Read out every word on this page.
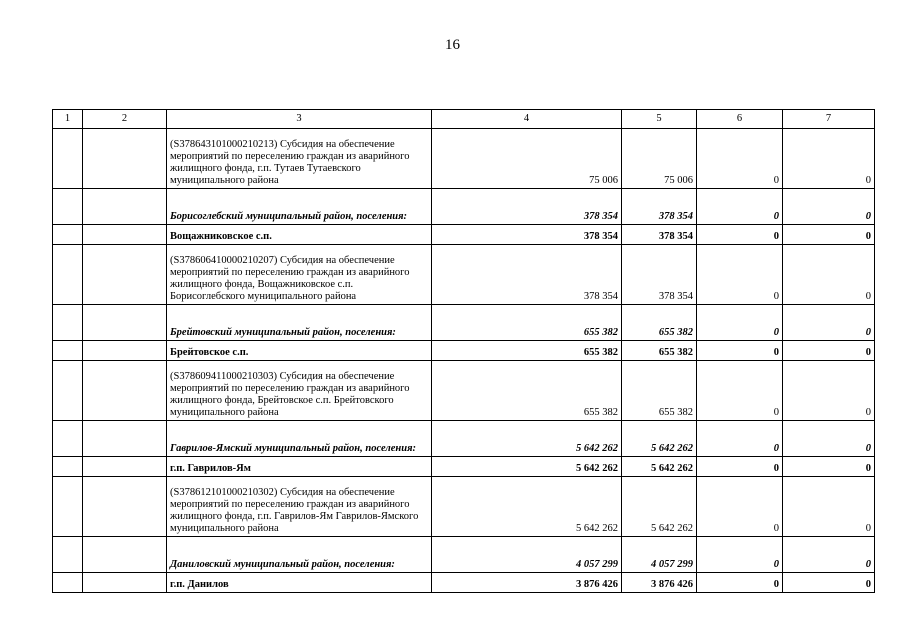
16
1	2	3	4	5	6	7
		(S378643101000210213) Субсидия на обеспечение мероприятий по переселению граждан из аварийного жилищного фонда, г.п. Тутаев Тутаевского муниципального района	75 006	75 006	0	0
		Борисоглебский муниципальный район, поселения:	378 354	378 354	0	0
		Вощажниковское с.п.	378 354	378 354	0	0
		(S378606410000210207) Субсидия на обеспечение мероприятий по переселению граждан из аварийного жилищного фонда, Вощажниковское с.п. Борисоглебского муниципального района	378 354	378 354	0	0
		Брейтовский муниципальный район, поселения:	655 382	655 382	0	0
		Брейтовское с.п.	655 382	655 382	0	0
		(S378609411000210303) Субсидия на обеспечение мероприятий по переселению граждан из аварийного жилищного фонда, Брейтовское с.п. Брейтовского муниципального района	655 382	655 382	0	0
		Гаврилов-Ямский муниципальный район, поселения:	5 642 262	5 642 262	0	0
		г.п. Гаврилов-Ям	5 642 262	5 642 262	0	0
		(S378612101000210302) Субсидия на обеспечение мероприятий по переселению граждан из аварийного жилищного фонда, г.п. Гаврилов-Ям Гаврилов-Ямского муниципального района	5 642 262	5 642 262	0	0
		Даниловский муниципальный район, поселения:	4 057 299	4 057 299	0	0
		г.п. Данилов	3 876 426	3 876 426	0	0
